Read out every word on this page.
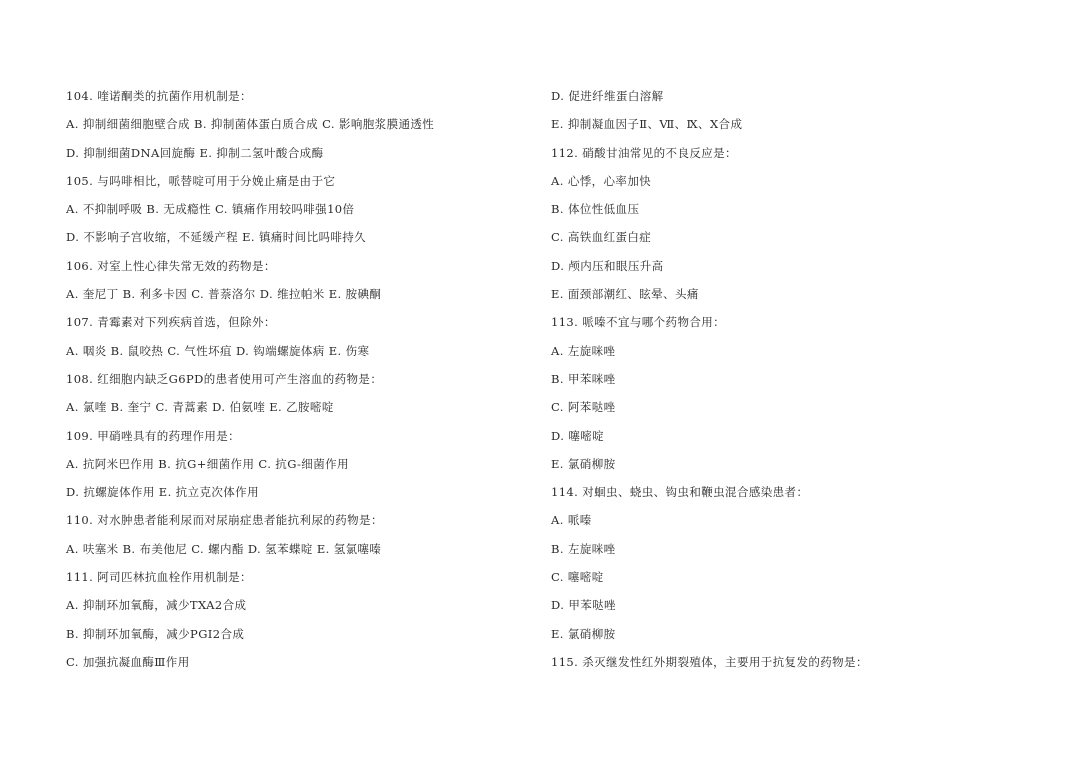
104. 喹诺酮类的抗菌作用机制是：
A. 抑制细菌细胞壁合成 B. 抑制菌体蛋白质合成 C. 影响胞浆膜通透性
D. 抑制细菌DNA回旋酶 E. 抑制二氢叶酸合成酶
105. 与吗啡相比，哌替啶可用于分娩止痛是由于它
A. 不抑制呼吸 B. 无成瘾性 C. 镇痛作用较吗啡强10倍
D. 不影响子宫收缩，不延缓产程 E. 镇痛时间比吗啡持久
106. 对室上性心律失常无效的药物是：
A. 奎尼丁 B. 利多卡因 C. 普萘洛尔 D. 维拉帕米 E. 胺碘酮
107. 青霉素对下列疾病首选，但除外：
A. 咽炎 B. 鼠咬热 C. 气性坏疽 D. 钩端螺旋体病 E. 伤寒
108. 红细胞内缺乏G6PD的患者使用可产生溶血的药物是：
A. 氯喹 B. 奎宁 C. 青蒿素 D. 伯氨喹 E. 乙胺嘧啶
109. 甲硝唑具有的药理作用是：
A. 抗阿米巴作用 B. 抗G+细菌作用 C. 抗G-细菌作用
D. 抗螺旋体作用 E. 抗立克次体作用
110. 对水肿患者能利尿而对尿崩症患者能抗利尿的药物是：
A. 呋塞米 B. 布美他尼 C. 螺内酯 D. 氢苯蝶啶 E. 氢氯噻嗪
111. 阿司匹林抗血栓作用机制是：
A. 抑制环加氧酶，减少TXA2合成
B. 抑制环加氧酶，减少PGI2合成
C. 加强抗凝血酶Ⅲ作用
D. 促进纤维蛋白溶解
E. 抑制凝血因子Ⅱ、Ⅶ、Ⅸ、Ⅹ合成
112. 硝酸甘油常见的不良反应是：
A. 心悸，心率加快
B. 体位性低血压
C. 高铁血红蛋白症
D. 颅内压和眼压升高
E. 面颈部潮红、眩晕、头痛
113. 哌嗪不宜与哪个药物合用：
A. 左旋咪唑
B. 甲苯咪唑
C. 阿苯哒唑
D. 噻嘧啶
E. 氯硝柳胺
114. 对蛔虫、蛲虫、钩虫和鞭虫混合感染患者：
A. 哌嗪
B. 左旋咪唑
C. 噻嘧啶
D. 甲苯哒唑
E. 氯硝柳胺
115. 杀灭继发性红外期裂殖体，主要用于抗复发的药物是：
